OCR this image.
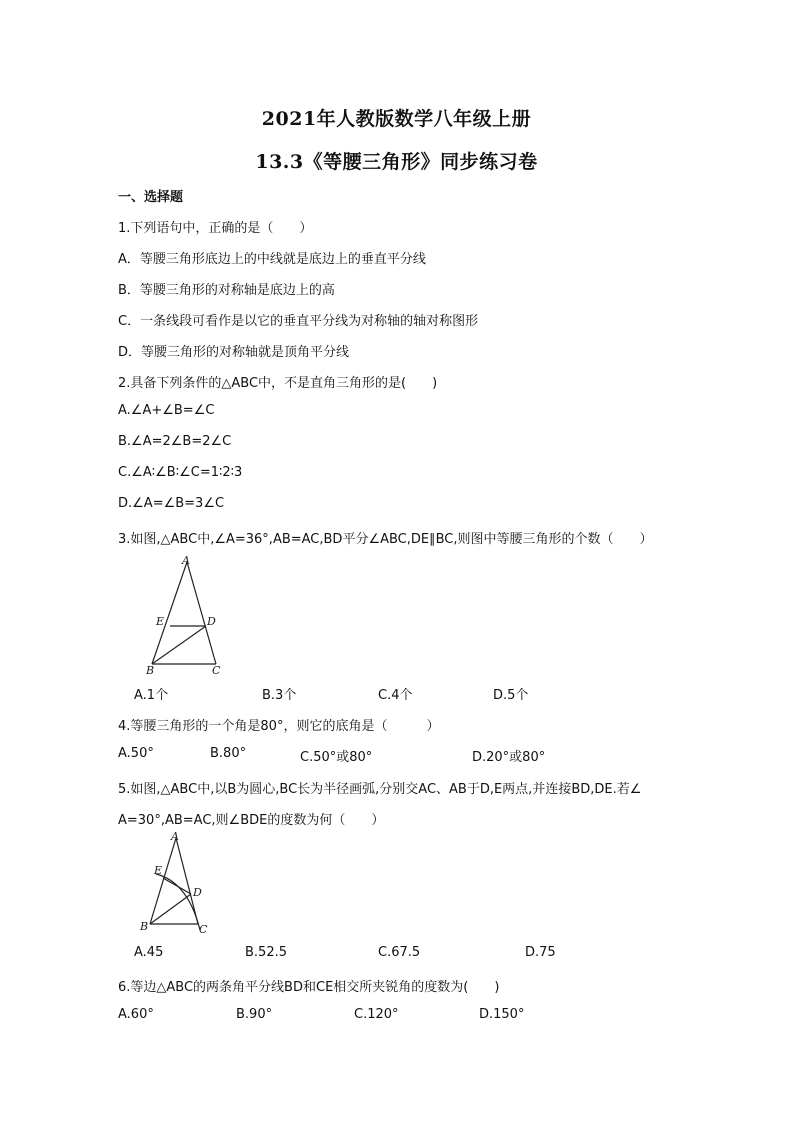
2021年人教版数学八年级上册
13.3《等腰三角形》同步练习卷
一、选择题
1.下列语句中，正确的是（　　）
A．等腰三角形底边上的中线就是底边上的垂直平分线
B．等腰三角形的对称轴是底边上的高
C．一条线段可看作是以它的垂直平分线为对称轴的轴对称图形
D．等腰三角形的对称轴就是顶角平分线
2.具备下列条件的△ABC中，不是直角三角形的是(　　)
A.∠A+∠B=∠C
B.∠A=2∠B=2∠C
C.∠A∶∠B∶∠C=1∶2∶3
D.∠A=∠B=3∠C
3.如图,△ABC中,∠A=36°,AB=AC,BD平分∠ABC,DE∥BC,则图中等腰三角形的个数（　　）
A
E	D
B	C
A.1个	B.3个	C.4个	D.5个
4.等腰三角形的一个角是80°，则它的底角是（　　　）
A.50°	B.80°	C.50°或80°	D.20°或80°
5.如图,△ABC中,以B为圆心,BC长为半径画弧,分别交AC、AB于D,E两点,并连接BD,DE.若∠
A=30°,AB=AC,则∠BDE的度数为何（　　）
A
E
D
B	C
A.45	B.52.5	C.67.5	D.75
6.等边△ABC的两条角平分线BD和CE相交所夹锐角的度数为(　　)
A.60°	B.90°	C.120°	D.150°
